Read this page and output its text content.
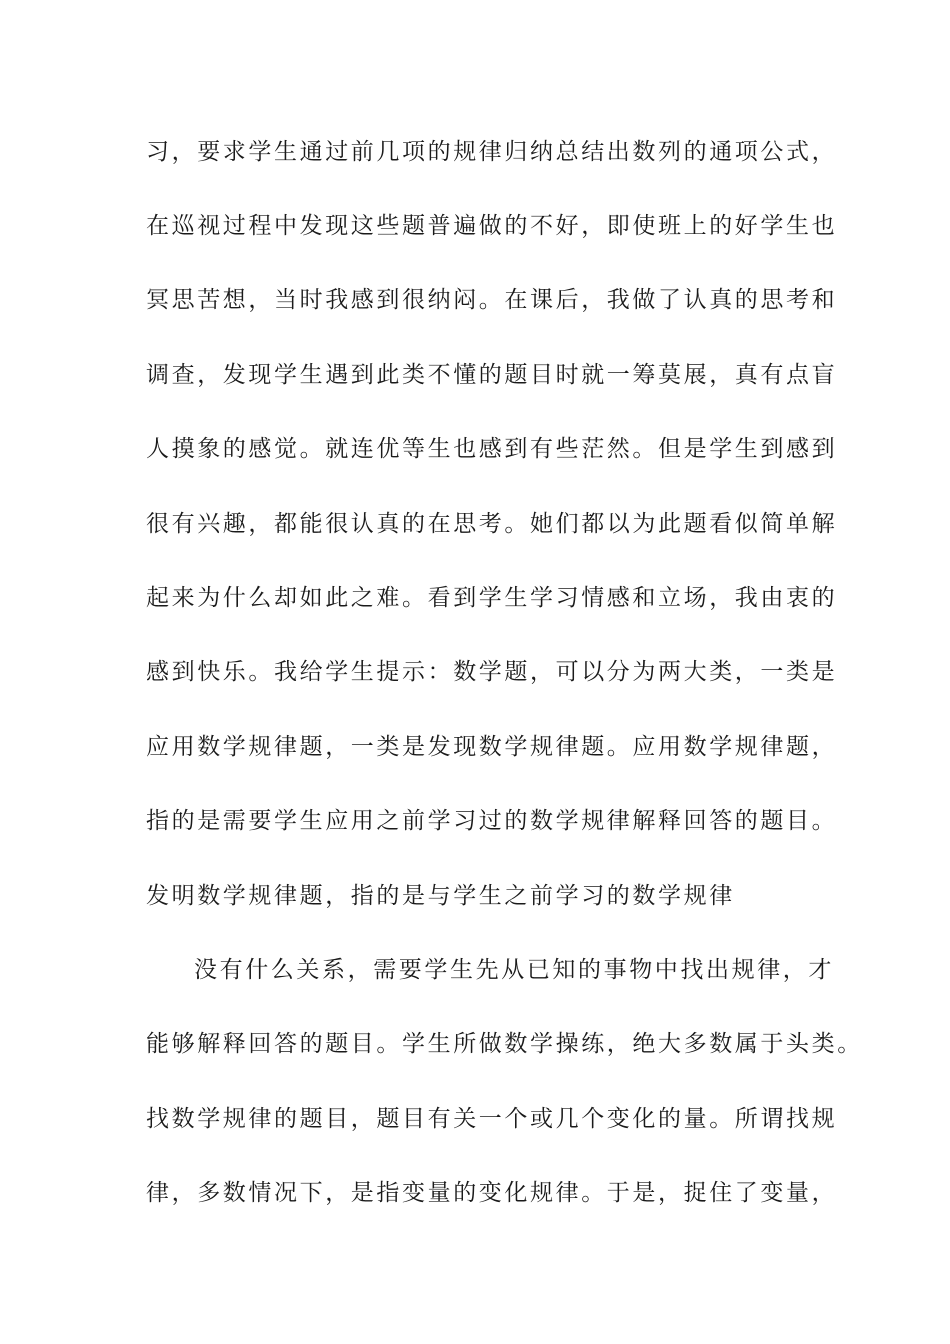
习，要求学生通过前几项的规律归纳总结出数列的通项公式，
在巡视过程中发现这些题普遍做的不好，即使班上的好学生也
冥思苦想，当时我感到很纳闷。在课后，我做了认真的思考和
调查，发现学生遇到此类不懂的题目时就一筹莫展，真有点盲
人摸象的感觉。就连优等生也感到有些茫然。但是学生到感到
很有兴趣，都能很认真的在思考。她们都以为此题看似简单解
起来为什么却如此之难。看到学生学习情感和立场，我由衷的
感到快乐。我给学生提示：数学题，可以分为两大类，一类是
应用数学规律题，一类是发现数学规律题。应用数学规律题，
指的是需要学生应用之前学习过的数学规律解释回答的题目。
发明数学规律题，指的是与学生之前学习的数学规律
没有什么关系，需要学生先从已知的事物中找出规律，才
能够解释回答的题目。学生所做数学操练，绝大多数属于头类。
找数学规律的题目，题目有关一个或几个变化的量。所谓找规
律，多数情况下，是指变量的变化规律。于是，捉住了变量，
